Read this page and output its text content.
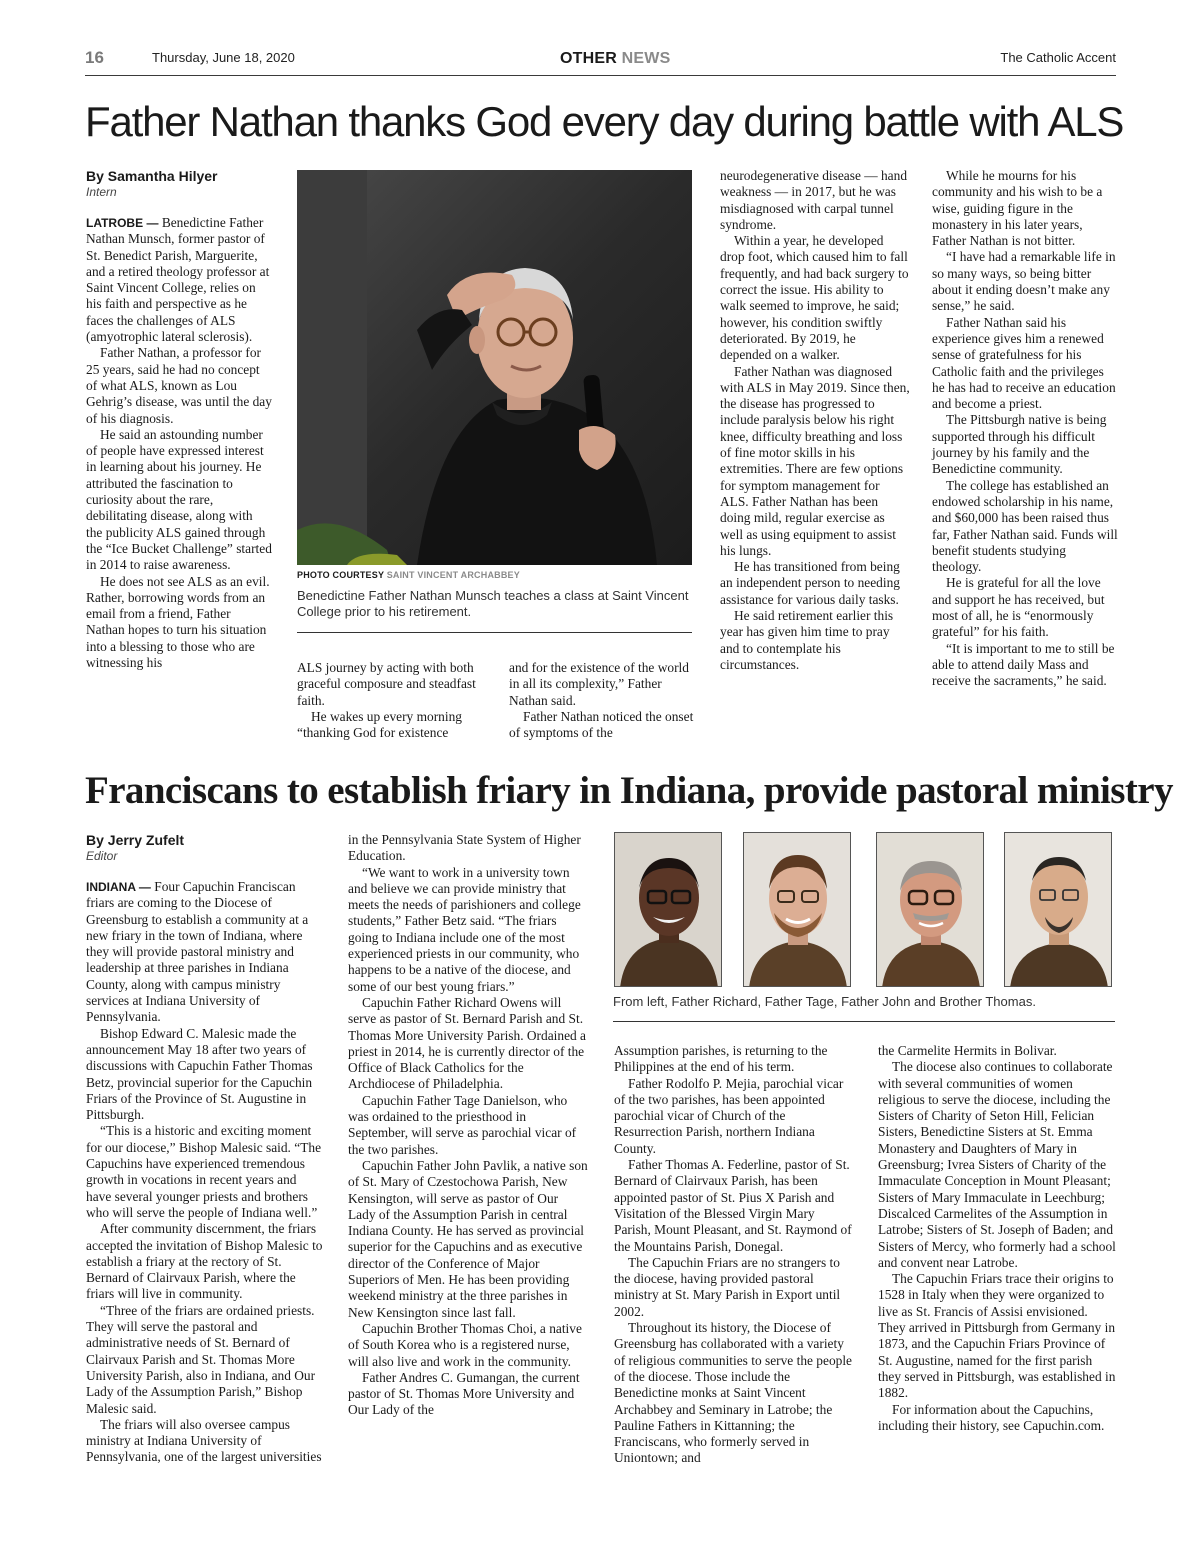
16	Thursday, June 18, 2020	OTHER NEWS	The Catholic Accent
Father Nathan thanks God every day during battle with ALS
By Samantha Hilyer
Intern

LATROBE — Benedictine Father Nathan Munsch, former pastor of St. Benedict Parish, Marguerite, and a retired theology professor at Saint Vincent College, relies on his faith and perspective as he faces the challenges of ALS (amyotrophic lateral sclerosis).

Father Nathan, a professor for 25 years, said he had no concept of what ALS, known as Lou Gehrig’s disease, was until the day of his diagnosis.

He said an astounding number of people have expressed interest in learning about his journey. He attributed the fascination to curiosity about the rare, debilitating disease, along with the publicity ALS gained through the “Ice Bucket Challenge” started in 2014 to raise awareness.

He does not see ALS as an evil. Rather, borrowing words from an email from a friend, Father Nathan hopes to turn his situation into a blessing to those who are witnessing his

PHOTO COURTESY SAINT VINCENT ARCHABBEY
Benedictine Father Nathan Munsch teaches a class at Saint Vincent College prior to his retirement.

ALS journey by acting with both graceful composure and steadfast faith.

He wakes up every morning “thanking God for existence

and for the existence of the world in all its complexity,” Father Nathan said.

Father Nathan noticed the onset of symptoms of the

neurodegenerative disease — hand weakness — in 2017, but he was misdiagnosed with carpal tunnel syndrome.

Within a year, he developed drop foot, which caused him to fall frequently, and had back surgery to correct the issue. His ability to walk seemed to improve, he said; however, his condition swiftly deteriorated. By 2019, he depended on a walker.

Father Nathan was diagnosed with ALS in May 2019. Since then, the disease has progressed to include paralysis below his right knee, difficulty breathing and loss of fine motor skills in his extremities. There are few options for symptom management for ALS. Father Nathan has been doing mild, regular exercise as well as using equipment to assist his lungs.

He has transitioned from being an independent person to needing assistance for various daily tasks.

He said retirement earlier this year has given him time to pray and to contemplate his circumstances.

While he mourns for his community and his wish to be a wise, guiding figure in the monastery in his later years, Father Nathan is not bitter.

“I have had a remarkable life in so many ways, so being bitter about it ending doesn’t make any sense,” he said.

Father Nathan said his experience gives him a renewed sense of gratefulness for his Catholic faith and the privileges he has had to receive an education and become a priest.

The Pittsburgh native is being supported through his difficult journey by his family and the Benedictine community.

The college has established an endowed scholarship in his name, and $60,000 has been raised thus far, Father Nathan said. Funds will benefit students studying theology.

He is grateful for all the love and support he has received, but most of all, he is “enormously grateful” for his faith.

“It is important to me to still be able to attend daily Mass and receive the sacraments,” he said.

Franciscans to establish friary in Indiana, provide pastoral ministry
By Jerry Zufelt
Editor

INDIANA — Four Capuchin Franciscan friars are coming to the Diocese of Greensburg to establish a community at a new friary in the town of Indiana, where they will provide pastoral ministry and leadership at three parishes in Indiana County, along with campus ministry services at Indiana University of Pennsylvania.

Bishop Edward C. Malesic made the announcement May 18 after two years of discussions with Capuchin Father Thomas Betz, provincial superior for the Capuchin Friars of the Province of St. Augustine in Pittsburgh.

“This is a historic and exciting moment for our diocese,” Bishop Malesic said. “The Capuchins have experienced tremendous growth in vocations in recent years and have several younger priests and brothers who will serve the people of Indiana well.”

After community discernment, the friars accepted the invitation of Bishop Malesic to establish a friary at the rectory of St. Bernard of Clairvaux Parish, where the friars will live in community.

“Three of the friars are ordained priests. They will serve the pastoral and administrative needs of St. Bernard of Clairvaux Parish and St. Thomas More University Parish, also in Indiana, and Our Lady of the Assumption Parish,” Bishop Malesic said.

The friars will also oversee campus ministry at Indiana University of Pennsylvania, one of the largest universities

in the Pennsylvania State System of Higher Education.

“We want to work in a university town and believe we can provide ministry that meets the needs of parishioners and college students,” Father Betz said. “The friars going to Indiana include one of the most experienced priests in our community, who happens to be a native of the diocese, and some of our best young friars.”

Capuchin Father Richard Owens will serve as pastor of St. Bernard Parish and St. Thomas More University Parish. Ordained a priest in 2014, he is currently director of the Office of Black Catholics for the Archdiocese of Philadelphia.

Capuchin Father Tage Danielson, who was ordained to the priesthood in September, will serve as parochial vicar of the two parishes.

Capuchin Father John Pavlik, a native son of St. Mary of Czestochowa Parish, New Kensington, will serve as pastor of Our Lady of the Assumption Parish in central Indiana County. He has served as provincial superior for the Capuchins and as executive director of the Conference of Major Superiors of Men. He has been providing weekend ministry at the three parishes in New Kensington since last fall.

Capuchin Brother Thomas Choi, a native of South Korea who is a registered nurse, will also live and work in the community.

Father Andres C. Gumangan, the current pastor of St. Thomas More University and Our Lady of the

From left, Father Richard, Father Tage, Father John and Brother Thomas.

Assumption parishes, is returning to the Philippines at the end of his term.

Father Rodolfo P. Mejia, parochial vicar of the two parishes, has been appointed parochial vicar of Church of the Resurrection Parish, northern Indiana County.

Father Thomas A. Federline, pastor of St. Bernard of Clairvaux Parish, has been appointed pastor of St. Pius X Parish and Visitation of the Blessed Virgin Mary Parish, Mount Pleasant, and St. Raymond of the Mountains Parish, Donegal.

The Capuchin Friars are no strangers to the diocese, having provided pastoral ministry at St. Mary Parish in Export until 2002.

Throughout its history, the Diocese of Greensburg has collaborated with a variety of religious communities to serve the people of the diocese. Those include the Benedictine monks at Saint Vincent Archabbey and Seminary in Latrobe; the Pauline Fathers in Kittanning; the Franciscans, who formerly served in Uniontown; and

the Carmelite Hermits in Bolivar.

The diocese also continues to collaborate with several communities of women religious to serve the diocese, including the Sisters of Charity of Seton Hill, Felician Sisters, Benedictine Sisters at St. Emma Monastery and Daughters of Mary in Greensburg; Ivrea Sisters of Charity of the Immaculate Conception in Mount Pleasant; Sisters of Mary Immaculate in Leechburg; Discalced Carmelites of the Assumption in Latrobe; Sisters of St. Joseph of Baden; and Sisters of Mercy, who formerly had a school and convent near Latrobe.

The Capuchin Friars trace their origins to 1528 in Italy when they were organized to live as St. Francis of Assisi envisioned. They arrived in Pittsburgh from Germany in 1873, and the Capuchin Friars Province of St. Augustine, named for the first parish they served in Pittsburgh, was established in 1882.

For information about the Capuchins, including their history, see Capuchin.com.
